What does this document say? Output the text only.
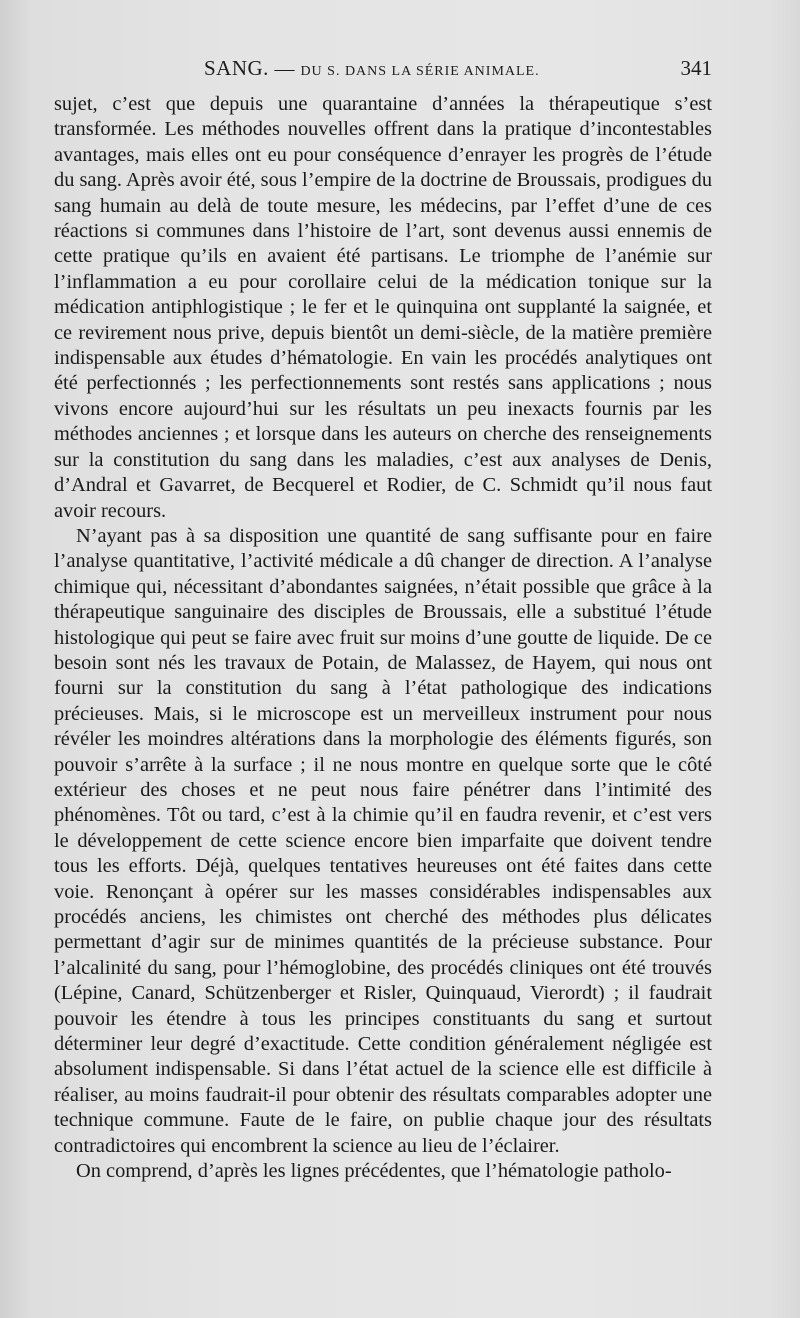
SANG. — DU S. DANS LA SÉRIE ANIMALE.	341

sujet, c’est que depuis une quarantaine d’années la thérapeutique s’est transformée. Les méthodes nouvelles offrent dans la pratique d’incontestables avantages, mais elles ont eu pour conséquence d’enrayer les progrès de l’étude du sang. Après avoir été, sous l’empire de la doctrine de Broussais, prodigues du sang humain au delà de toute mesure, les médecins, par l’effet d’une de ces réactions si communes dans l’histoire de l’art, sont devenus aussi ennemis de cette pratique qu’ils en avaient été partisans. Le triomphe de l’anémie sur l’inflammation a eu pour corollaire celui de la médication tonique sur la médication antiphlogistique ; le fer et le quinquina ont supplanté la saignée, et ce revirement nous prive, depuis bientôt un demi-siècle, de la matière première indispensable aux études d’hématologie. En vain les procédés analytiques ont été perfectionnés ; les perfectionnements sont restés sans applications ; nous vivons encore aujourd’hui sur les résultats un peu inexacts fournis par les méthodes anciennes ; et lorsque dans les auteurs on cherche des renseignements sur la constitution du sang dans les maladies, c’est aux analyses de Denis, d’Andral et Gavarret, de Becquerel et Rodier, de C. Schmidt qu’il nous faut avoir recours.

N’ayant pas à sa disposition une quantité de sang suffisante pour en faire l’analyse quantitative, l’activité médicale a dû changer de direction. A l’analyse chimique qui, nécessitant d’abondantes saignées, n’était possible que grâce à la thérapeutique sanguinaire des disciples de Broussais, elle a substitué l’étude histologique qui peut se faire avec fruit sur moins d’une goutte de liquide. De ce besoin sont nés les travaux de Potain, de Malassez, de Hayem, qui nous ont fourni sur la constitution du sang à l’état pathologique des indications précieuses. Mais, si le microscope est un merveilleux instrument pour nous révéler les moindres altérations dans la morphologie des éléments figurés, son pouvoir s’arrête à la surface ; il ne nous montre en quelque sorte que le côté extérieur des choses et ne peut nous faire pénétrer dans l’intimité des phénomènes. Tôt ou tard, c’est à la chimie qu’il en faudra revenir, et c’est vers le développement de cette science encore bien imparfaite que doivent tendre tous les efforts. Déjà, quelques tentatives heureuses ont été faites dans cette voie. Renonçant à opérer sur les masses considérables indispensables aux procédés anciens, les chimistes ont cherché des méthodes plus délicates permettant d’agir sur de minimes quantités de la précieuse substance. Pour l’alcalinité du sang, pour l’hémoglobine, des procédés cliniques ont été trouvés (Lépine, Canard, Schützenberger et Risler, Quinquaud, Vierordt) ; il faudrait pouvoir les étendre à tous les principes constituants du sang et surtout déterminer leur degré d’exactitude. Cette condition généralement négligée est absolument indispensable. Si dans l’état actuel de la science elle est difficile à réaliser, au moins faudrait-il pour obtenir des résultats comparables adopter une technique commune. Faute de le faire, on publie chaque jour des résultats contradictoires qui encombrent la science au lieu de l’éclairer.

On comprend, d’après les lignes précédentes, que l’hématologie patholo-
